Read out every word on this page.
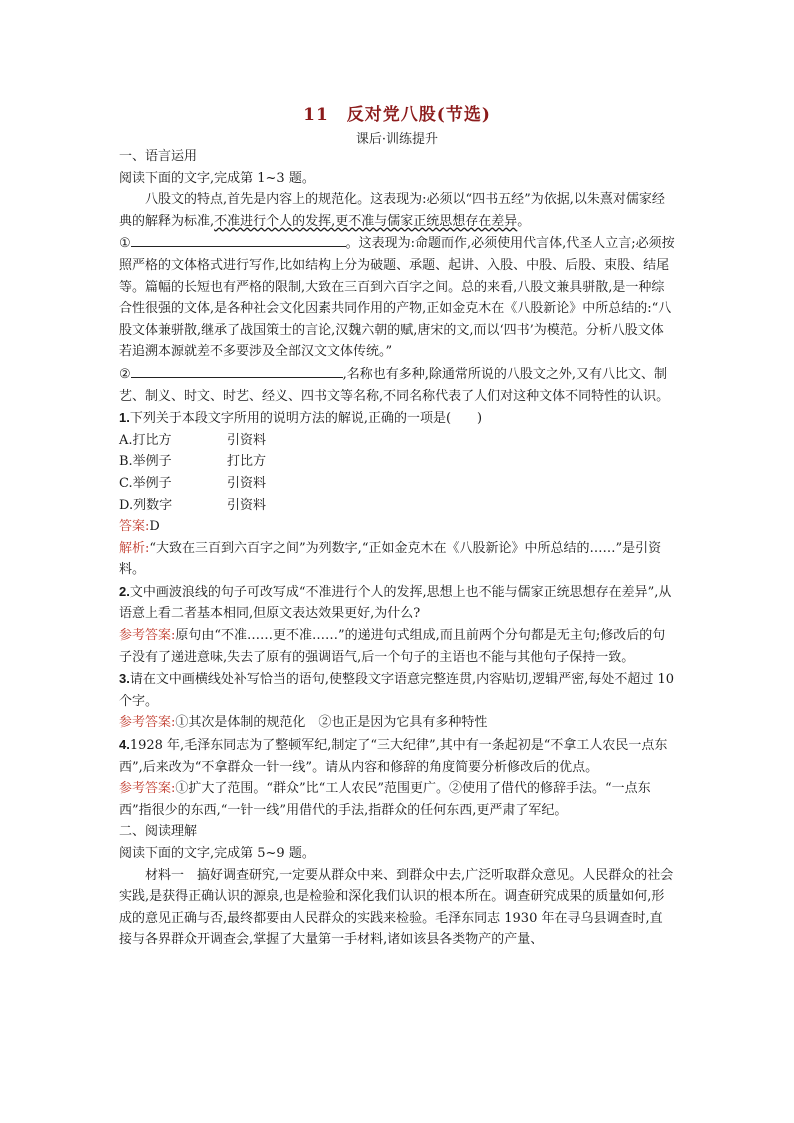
11　反对党八股(节选)
课后·训练提升

一、语言运用

阅读下面的文字,完成第 1~3 题。

八股文的特点,首先是内容上的规范化。这表现为:必须以“四书五经”为依据,以朱熹对儒家经典的解释为标准,不准进行个人的发挥,更不准与儒家正统思想存在差异。

①	。这表现为:命题而作,必须使用代言体,代圣人立言;必须按照严格的文体格式进行写作,比如结构上分为破题、承题、起讲、入股、中股、后股、束股、结尾等。篇幅的长短也有严格的限制,大致在三百到六百字之间。总的来看,八股文兼具骈散,是一种综合性很强的文体,是各种社会文化因素共同作用的产物,正如金克木在《八股新论》中所总结的:“八股文体兼骈散,继承了战国策士的言论,汉魏六朝的赋,唐宋的文,而以‘四书’为模范。分析八股文体若追溯本源就差不多要涉及全部汉文文体传统。”

②	,名称也有多种,除通常所说的八股文之外,又有八比文、制艺、制义、时文、时艺、经义、四书文等名称,不同名称代表了人们对这种文体不同特性的认识。

1.下列关于本段文字所用的说明方法的解说,正确的一项是(　　)

A.打比方	引资料
B.举例子	打比方
C.举例子	引资料
D.列数字	引资料

答案:D

解析:“大致在三百到六百字之间”为列数字,“正如金克木在《八股新论》中所总结的……”是引资料。

2.文中画波浪线的句子可改写成“不准进行个人的发挥,思想上也不能与儒家正统思想存在差异”,从语意上看二者基本相同,但原文表达效果更好,为什么?

参考答案:原句由“不准……更不准……”的递进句式组成,而且前两个分句都是无主句;修改后的句子没有了递进意味,失去了原有的强调语气,后一个句子的主语也不能与其他句子保持一致。

3.请在文中画横线处补写恰当的语句,使整段文字语意完整连贯,内容贴切,逻辑严密,每处不超过 10 个字。

参考答案:①其次是体制的规范化　②也正是因为它具有多种特性

4.1928 年,毛泽东同志为了整顿军纪,制定了“三大纪律”,其中有一条起初是“不拿工人农民一点东西”,后来改为“不拿群众一针一线”。请从内容和修辞的角度简要分析修改后的优点。

参考答案:①扩大了范围。“群众”比“工人农民”范围更广。②使用了借代的修辞手法。“一点东西”指很少的东西,“一针一线”用借代的手法,指群众的任何东西,更严肃了军纪。

二、阅读理解

阅读下面的文字,完成第 5~9 题。

材料一　搞好调查研究,一定要从群众中来、到群众中去,广泛听取群众意见。人民群众的社会实践,是获得正确认识的源泉,也是检验和深化我们认识的根本所在。调查研究成果的质量如何,形成的意见正确与否,最终都要由人民群众的实践来检验。毛泽东同志 1930 年在寻乌县调查时,直接与各界群众开调查会,掌握了大量第一手材料,诸如该县各类物产的产量、
